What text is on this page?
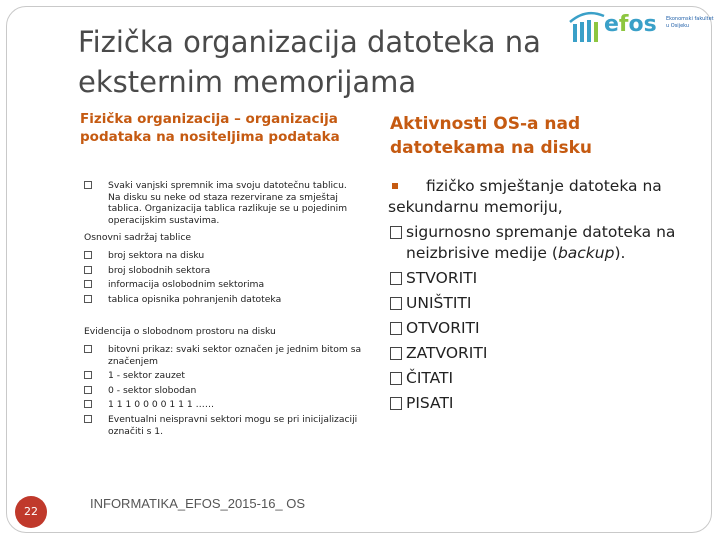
Fizička organizacija datoteka na eksternim memorijama
efos Ekonomski fakultet u Osijeku
Fizička organizacija – organizacija podataka na nositeljima podataka
Svaki vanjski spremnik ima svoju datotečnu tablicu. Na disku su neke od staza rezervirane za smještaj tablica. Organizacija tablica razlikuje se u pojedinim operacijskim sustavima.
Osnovni sadržaj tablice
broj sektora na disku
broj slobodnih sektora
informacija oslobodnim sektorima
tablica opisnika pohranjenih datoteka
Evidencija o slobodnom prostoru na disku
bitovni prikaz: svaki sektor označen je jednim bitom sa značenjem
1 - sektor zauzet
0 - sektor slobodan
1 1 1 0 0 0 0 1 1 1 ……
Eventualni neispravni sektori mogu se pri inicijalizaciji označiti s 1.
Aktivnosti OS-a nad datotekama na disku
fizičko smještanje datoteka na sekundarnu memoriju,
sigurnosno spremanje datoteka na neizbrisive medije (backup).
STVORITI
UNIŠTITI
OTVORITI
ZATVORITI
ČITATI
PISATI
22
INFORMATIKA_EFOS_2015-16_ OS
